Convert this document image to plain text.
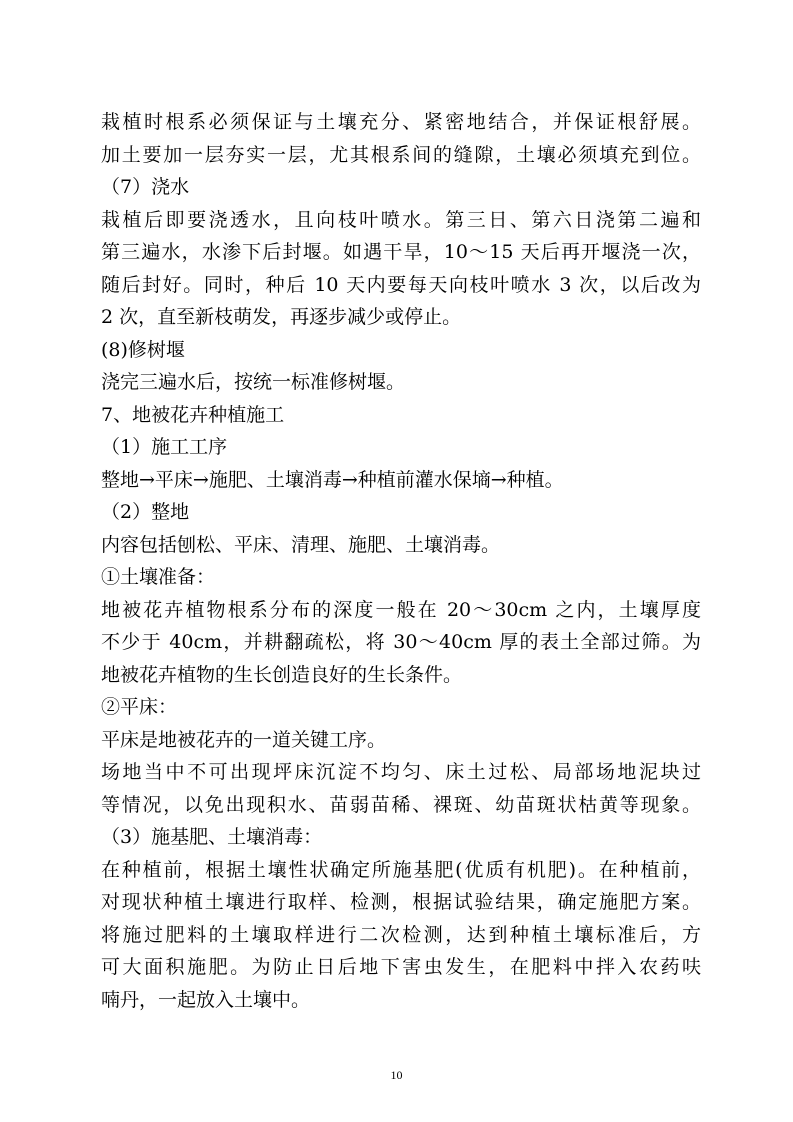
栽植时根系必须保证与土壤充分、紧密地结合，并保证根舒展。
加土要加一层夯实一层，尤其根系间的缝隙，土壤必须填充到位。
（7）浇水
栽植后即要浇透水，且向枝叶喷水。第三日、第六日浇第二遍和
第三遍水，水渗下后封堰。如遇干旱，10～15 天后再开堰浇一次，
随后封好。同时，种后 10 天内要每天向枝叶喷水 3 次，以后改为
2 次，直至新枝萌发，再逐步减少或停止。
(8)修树堰
浇完三遍水后，按统一标准修树堰。
7、地被花卉种植施工
（1）施工工序
整地→平床→施肥、土壤消毒→种植前灌水保墒→种植。
（2）整地
内容包括刨松、平床、清理、施肥、土壤消毒。
①土壤准备：
地被花卉植物根系分布的深度一般在 20～30cm 之内，土壤厚度
不少于 40cm，并耕翻疏松，将 30～40cm 厚的表土全部过筛。为
地被花卉植物的生长创造良好的生长条件。
②平床：
平床是地被花卉的一道关键工序。
场地当中不可出现坪床沉淀不均匀、床土过松、局部场地泥块过
等情况，以免出现积水、苗弱苗稀、裸斑、幼苗斑状枯黄等现象。
（3）施基肥、土壤消毒：
在种植前，根据土壤性状确定所施基肥(优质有机肥)。在种植前，
对现状种植土壤进行取样、检测，根据试验结果，确定施肥方案。
将施过肥料的土壤取样进行二次检测，达到种植土壤标准后，方
可大面积施肥。为防止日后地下害虫发生，在肥料中拌入农药呋
喃丹，一起放入土壤中。
10
